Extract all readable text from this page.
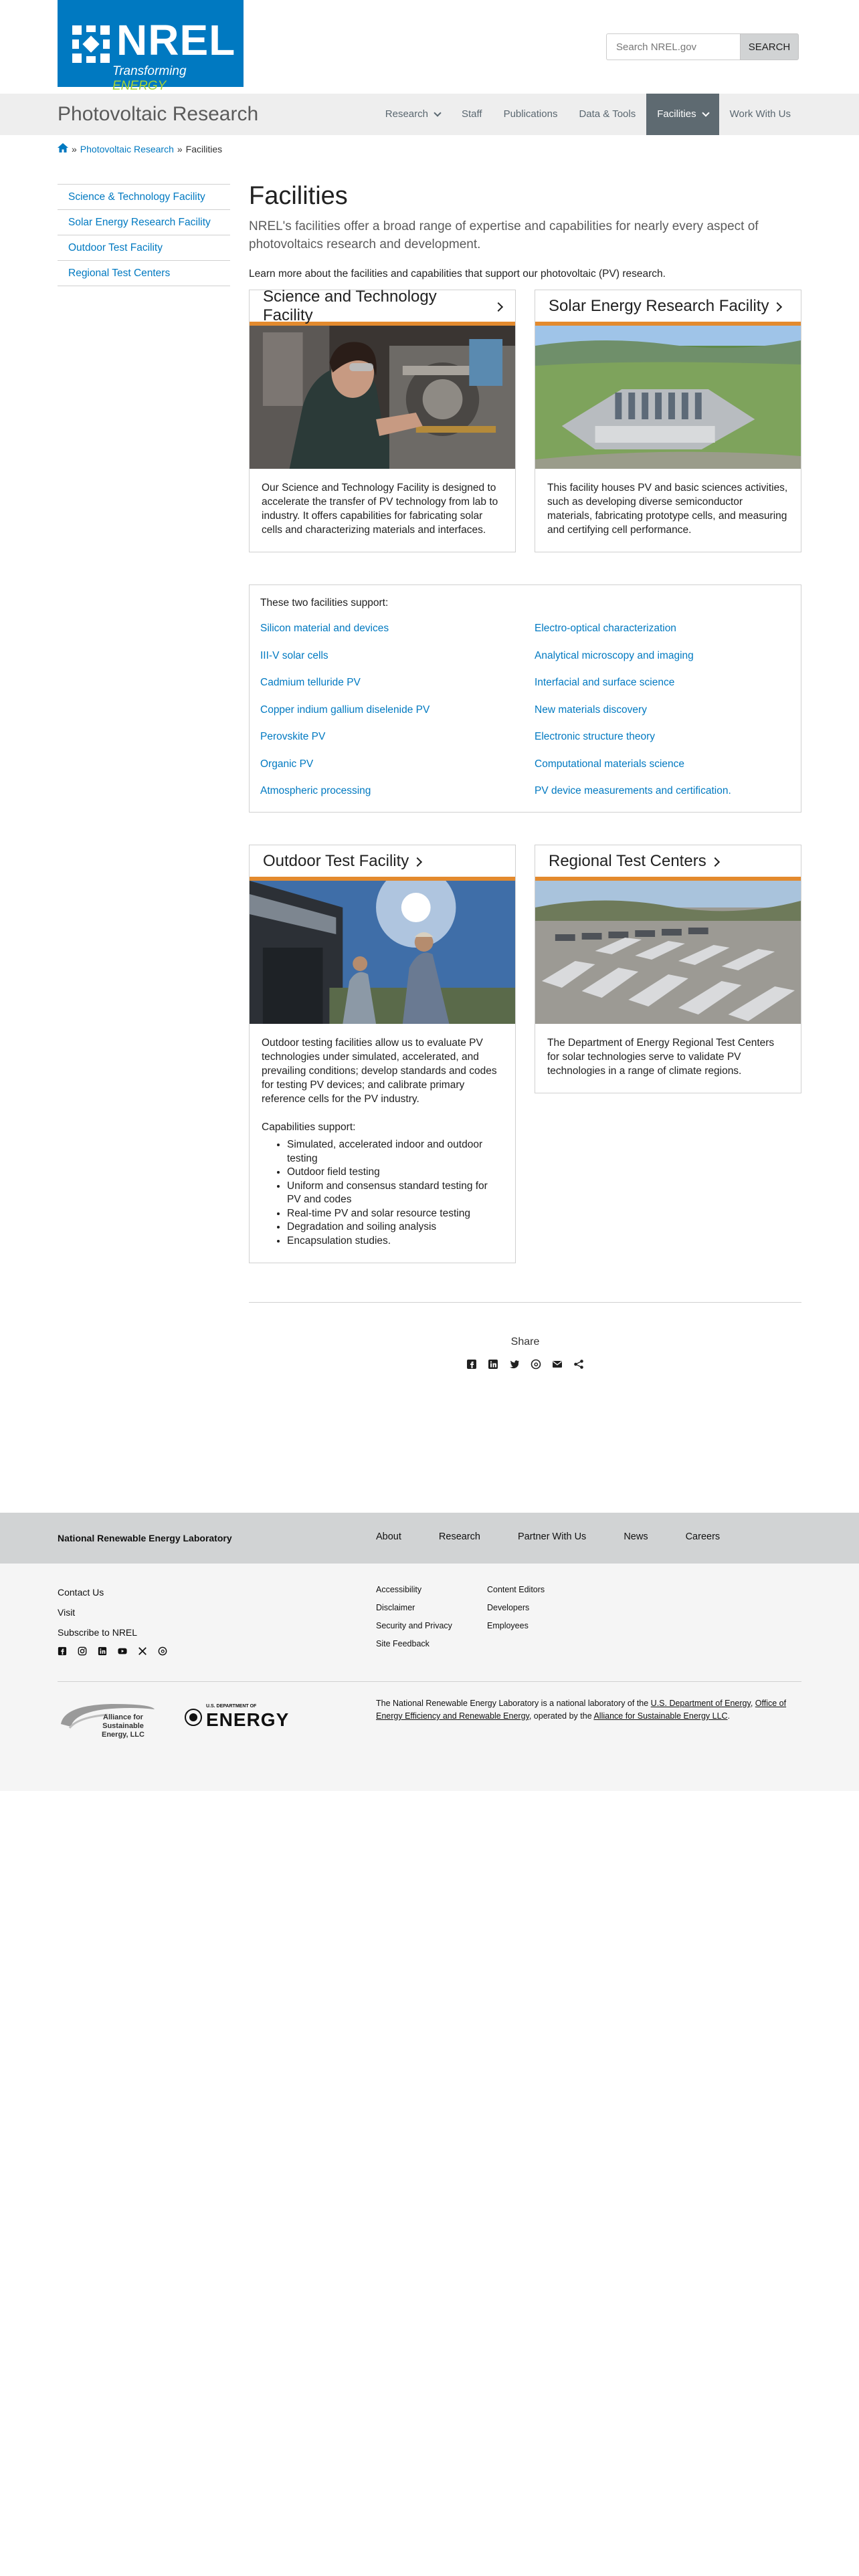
NREL
Transforming ENERGY
Search NREL.gov
SEARCH
Photovoltaic Research	Research	Staff Publications Data & Tools Facilities	Work With Us
» Photovoltaic Research » Facilities
Science & Technology Facility
Solar Energy Research Facility
Outdoor Test Facility
Regional Test Centers
Facilities

NREL's facilities offer a broad range of expertise and capabilities for nearly every aspect of photovoltaics research and development.

Learn more about the facilities and capabilities that support our photovoltaic (PV) research.

Science and Technology Facility
Our Science and Technology Facility is designed to accelerate the transfer of PV technology from lab to industry. It offers capabilities for fabricating solar cells and characterizing materials and interfaces.
Solar Energy Research Facility
This facility houses PV and basic sciences activities, such as developing diverse semiconductor materials, fabricating prototype cells, and measuring and certifying cell performance.

These two facilities support:

Silicon material and devices	Electro-optical characterization
III-V solar cells	Analytical microscopy and imaging
Cadmium telluride PV	Interfacial and surface science
Copper indium gallium diselenide PV	New materials discovery
Perovskite PV	Electronic structure theory
Organic PV	Computational materials science
Atmospheric processing	PV device measurements and certification.
Outdoor Test Facility

Outdoor testing facilities allow us to evaluate PV technologies under simulated, accelerated, and prevailing conditions; develop standards and codes for testing PV devices; and calibrate primary reference cells for the PV industry.

Capabilities support:

• Simulated, accelerated indoor and outdoor testing
• Outdoor field testing
• Uniform and consensus standard testing for PV and codes
• Real-time PV and solar resource testing
• Degradation and soiling analysis
• Encapsulation studies.
Regional Test Centers
The Department of Energy Regional Test Centers for solar technologies serve to validate PV technologies in a range of climate regions.

Share

National Renewable Energy Laboratory	About	Research	Partner With Us	News	Careers
Contact Us
Visit
Subscribe to NREL
Accessibility
Disclaimer
Security and Privacy
Site Feedback
Content Editors
Developers
Employees
Alliance for Sustainable Energy, LLC
U.S. DEPARTMENT OF
ENERGY

The National Renewable Energy Laboratory is a national laboratory of the U.S. Department of Energy, Office of Energy Efficiency and Renewable Energy, operated by the Alliance for Sustainable Energy LLC.
